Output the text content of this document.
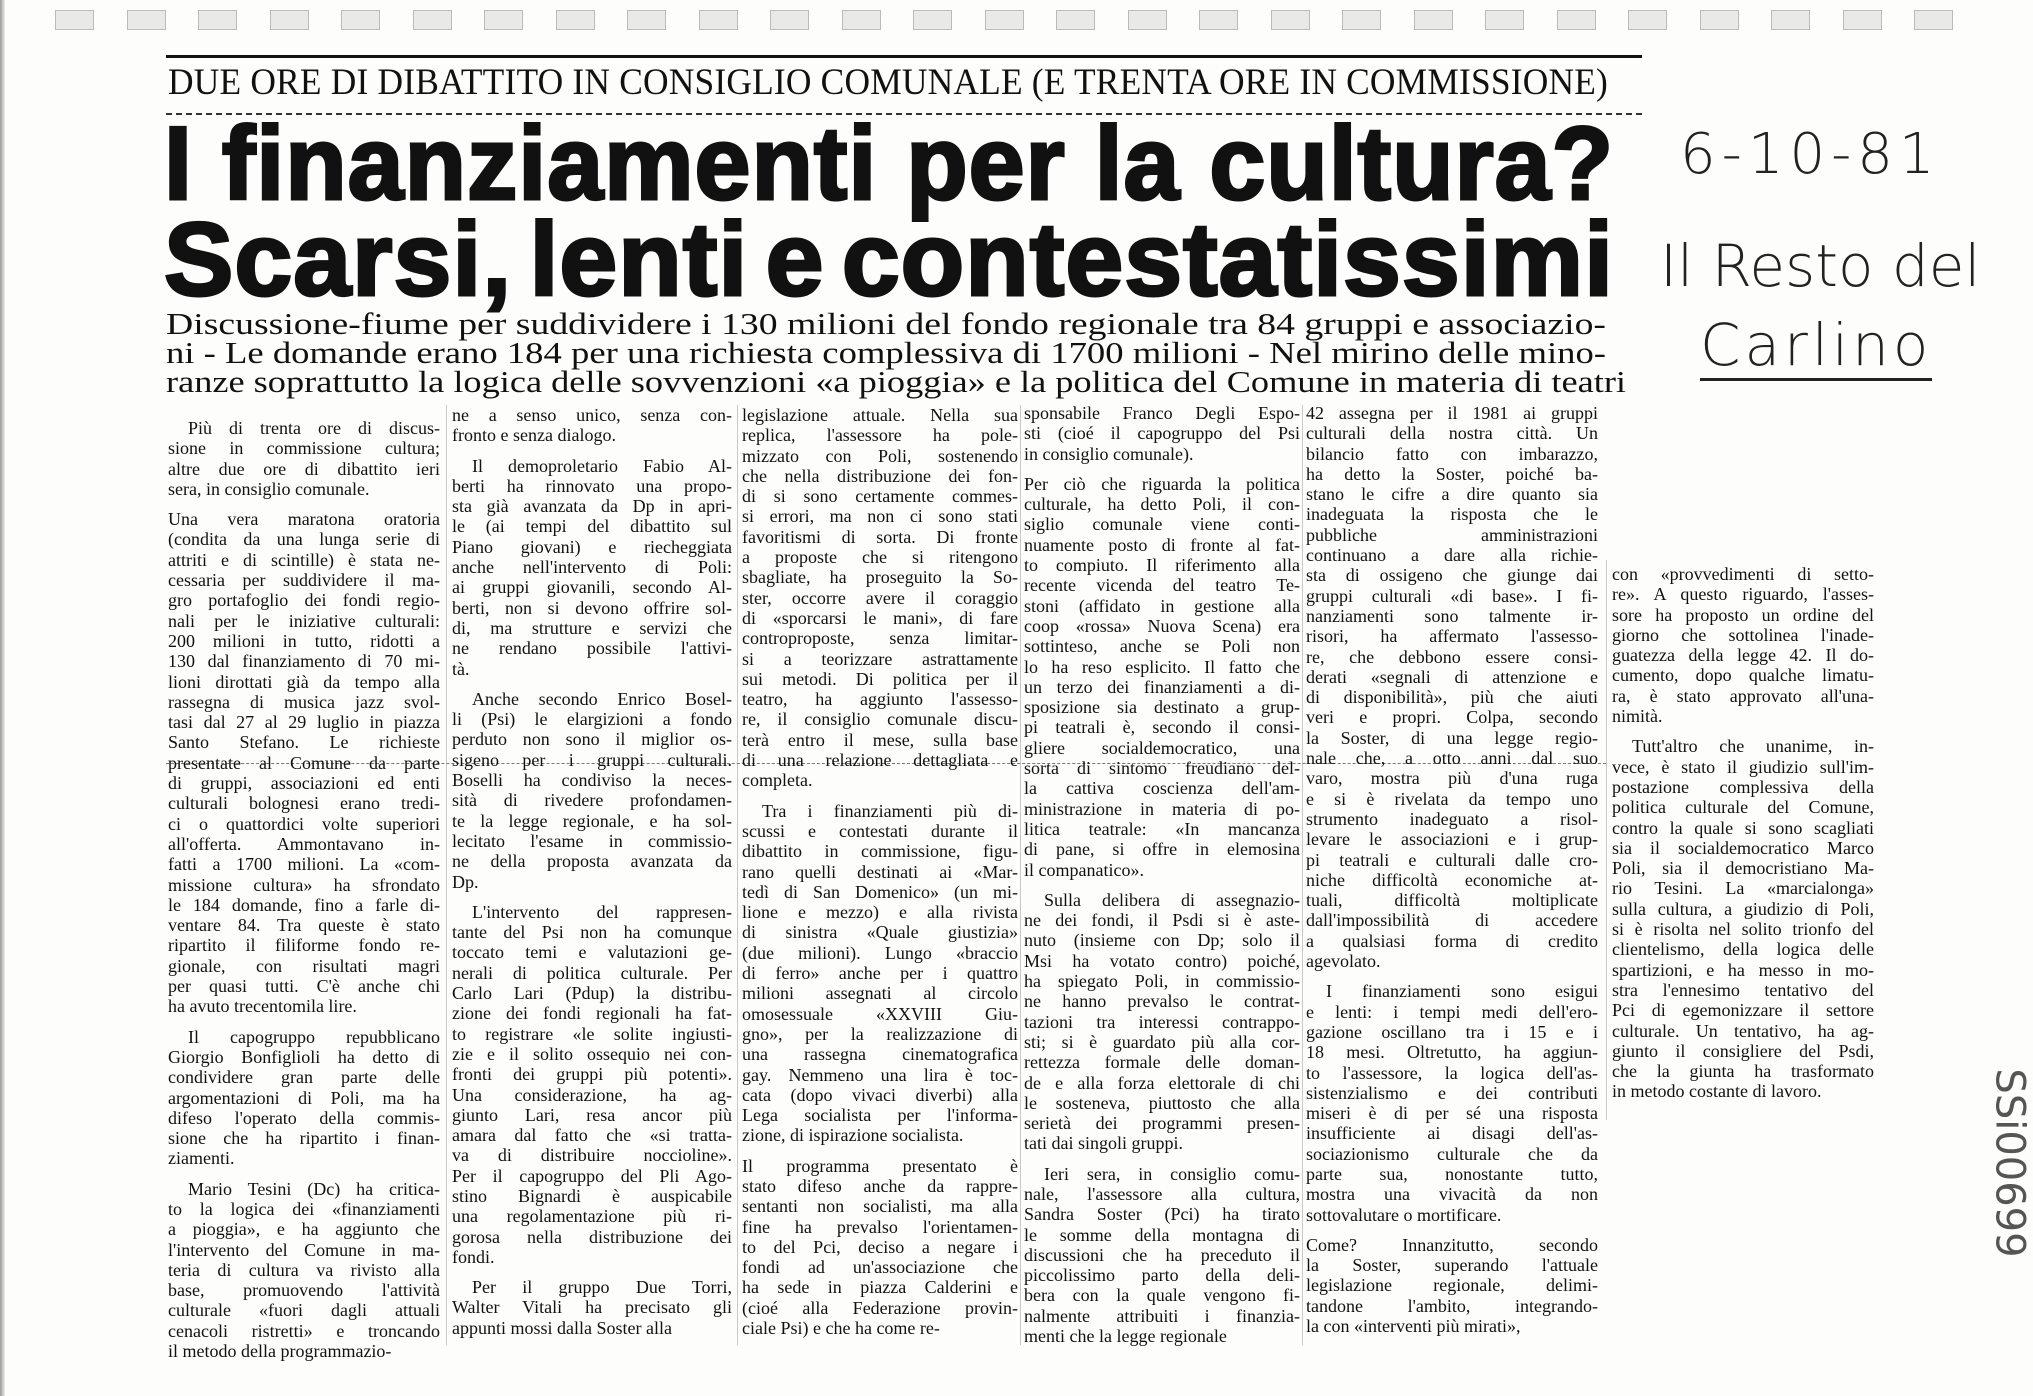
DUE ORE DI DIBATTITO IN CONSIGLIO COMUNALE (E TRENTA ORE IN COMMISSIONE)
I finanziamenti per la cultura?
Scarsi, lenti e contestatissimi
Discussione-fiume per suddividere i 130 milioni del fondo regionale tra 84 gruppi e associazio-
ni - Le domande erano 184 per una richiesta complessiva di 1700 milioni - Nel mirino delle mino-
ranze soprattutto la logica delle sovvenzioni «a pioggia» e la politica del Comune in materia di teatri
6-10-81
Il Resto del
Carlino
SSi00699
Più di trenta ore di discus-
sione in commissione cultura;
altre due ore di dibattito ieri
sera, in consiglio comunale.
Una vera maratona oratoria
(condita da una lunga serie di
attriti e di scintille) è stata ne-
cessaria per suddividere il ma-
gro portafoglio dei fondi regio-
nali per le iniziative culturali:
200 milioni in tutto, ridotti a
130 dal finanziamento di 70 mi-
lioni dirottati già da tempo alla
rassegna di musica jazz svol-
tasi dal 27 al 29 luglio in piazza
Santo Stefano. Le richieste
presentate al Comune da parte
di gruppi, associazioni ed enti
culturali bolognesi erano tredi-
ci o quattordici volte superiori
all'offerta. Ammontavano in-
fatti a 1700 milioni. La «com-
missione cultura» ha sfrondato
le 184 domande, fino a farle di-
ventare 84. Tra queste è stato
ripartito il filiforme fondo re-
gionale, con risultati magri
per quasi tutti. C'è anche chi
ha avuto trecentomila lire.
Il capogruppo repubblicano
Giorgio Bonfiglioli ha detto di
condividere gran parte delle
argomentazioni di Poli, ma ha
difeso l'operato della commis-
sione che ha ripartito i finan-
ziamenti.
Mario Tesini (Dc) ha critica-
to la logica dei «finanziamenti
a pioggia», e ha aggiunto che
l'intervento del Comune in ma-
teria di cultura va rivisto alla
base, promuovendo l'attività
culturale «fuori dagli attuali
cenacoli ristretti» e troncando
il metodo della programmazio-
ne a senso unico, senza con-
fronto e senza dialogo.
Il demoproletario Fabio Al-
berti ha rinnovato una propo-
sta già avanzata da Dp in apri-
le (ai tempi del dibattito sul
Piano giovani) e riecheggiata
anche nell'intervento di Poli:
ai gruppi giovanili, secondo Al-
berti, non si devono offrire sol-
di, ma strutture e servizi che
ne rendano possibile l'attivi-
tà.
Anche secondo Enrico Bosel-
li (Psi) le elargizioni a fondo
perduto non sono il miglior os-
sigeno per i gruppi culturali.
Boselli ha condiviso la neces-
sità di rivedere profondamen-
te la legge regionale, e ha sol-
lecitato l'esame in commissio-
ne della proposta avanzata da
Dp.
L'intervento del rappresen-
tante del Psi non ha comunque
toccato temi e valutazioni ge-
nerali di politica culturale. Per
Carlo Lari (Pdup) la distribu-
zione dei fondi regionali ha fat-
to registrare «le solite ingiusti-
zie e il solito ossequio nei con-
fronti dei gruppi più potenti».
Una considerazione, ha ag-
giunto Lari, resa ancor più
amara dal fatto che «si tratta-
va di distribuire noccioline».
Per il capogruppo del Pli Ago-
stino Bignardi è auspicabile
una regolamentazione più ri-
gorosa nella distribuzione dei
fondi.
Per il gruppo Due Torri,
Walter Vitali ha precisato gli
appunti mossi dalla Soster alla
legislazione attuale. Nella sua
replica, l'assessore ha pole-
mizzato con Poli, sostenendo
che nella distribuzione dei fon-
di si sono certamente commes-
si errori, ma non ci sono stati
favoritismi di sorta. Di fronte
a proposte che si ritengono
sbagliate, ha proseguito la So-
ster, occorre avere il coraggio
di «sporcarsi le mani», di fare
controproposte, senza limitar-
si a teorizzare astrattamente
sui metodi. Di politica per il
teatro, ha aggiunto l'assesso-
re, il consiglio comunale discu-
terà entro il mese, sulla base
di una relazione dettagliata e
completa.
Tra i finanziamenti più di-
scussi e contestati durante il
dibattito in commissione, figu-
rano quelli destinati ai «Mar-
tedì di San Domenico» (un mi-
lione e mezzo) e alla rivista
di sinistra «Quale giustizia»
(due milioni). Lungo «braccio
di ferro» anche per i quattro
milioni assegnati al circolo
omosessuale «XXVIII Giu-
gno», per la realizzazione di
una rassegna cinematografica
gay. Nemmeno una lira è toc-
cata (dopo vivaci diverbi) alla
Lega socialista per l'informa-
zione, di ispirazione socialista.
Il programma presentato è
stato difeso anche da rappre-
sentanti non socialisti, ma alla
fine ha prevalso l'orientamen-
to del Pci, deciso a negare i
fondi ad un'associazione che
ha sede in piazza Calderini e
(cioé alla Federazione provin-
ciale Psi) e che ha come re-
sponsabile Franco Degli Espo-
sti (cioé il capogruppo del Psi
in consiglio comunale).
Per ciò che riguarda la politica
culturale, ha detto Poli, il con-
siglio comunale viene conti-
nuamente posto di fronte al fat-
to compiuto. Il riferimento alla
recente vicenda del teatro Te-
stoni (affidato in gestione alla
coop «rossa» Nuova Scena) era
sottinteso, anche se Poli non
lo ha reso esplicito. Il fatto che
un terzo dei finanziamenti a di-
sposizione sia destinato a grup-
pi teatrali è, secondo il consi-
gliere socialdemocratico, una
sorta di sintomo freudiano del-
la cattiva coscienza dell'am-
ministrazione in materia di po-
litica teatrale: «In mancanza
di pane, si offre in elemosina
il companatico».
Sulla delibera di assegnazio-
ne dei fondi, il Psdi si è aste-
nuto (insieme con Dp; solo il
Msi ha votato contro) poiché,
ha spiegato Poli, in commissio-
ne hanno prevalso le contrat-
tazioni tra interessi contrappo-
sti; si è guardato più alla cor-
rettezza formale delle doman-
de e alla forza elettorale di chi
le sosteneva, piuttosto che alla
serietà dei programmi presen-
tati dai singoli gruppi.
Ieri sera, in consiglio comu-
nale, l'assessore alla cultura,
Sandra Soster (Pci) ha tirato
le somme della montagna di
discussioni che ha preceduto il
piccolissimo parto della deli-
bera con la quale vengono fi-
nalmente attribuiti i finanzia-
menti che la legge regionale
42 assegna per il 1981 ai gruppi
culturali della nostra città. Un
bilancio fatto con imbarazzo,
ha detto la Soster, poiché ba-
stano le cifre a dire quanto sia
inadeguata la risposta che le
pubbliche amministrazioni
continuano a dare alla richie-
sta di ossigeno che giunge dai
gruppi culturali «di base». I fi-
nanziamenti sono talmente ir-
risori, ha affermato l'assesso-
re, che debbono essere consi-
derati «segnali di attenzione e
di disponibilità», più che aiuti
veri e propri. Colpa, secondo
la Soster, di una legge regio-
nale che, a otto anni dal suo
varo, mostra più d'una ruga
e si è rivelata da tempo uno
strumento inadeguato a risol-
levare le associazioni e i grup-
pi teatrali e culturali dalle cro-
niche difficoltà economiche at-
tuali, difficoltà moltiplicate
dall'impossibilità di accedere
a qualsiasi forma di credito
agevolato.
I finanziamenti sono esigui
e lenti: i tempi medi dell'ero-
gazione oscillano tra i 15 e i
18 mesi. Oltretutto, ha aggiun-
to l'assessore, la logica dell'as-
sistenzialismo e dei contributi
miseri è di per sé una risposta
insufficiente ai disagi dell'as-
sociazionismo culturale che da
parte sua, nonostante tutto,
mostra una vivacità da non
sottovalutare o mortificare.
Come? Innanzitutto, secondo
la Soster, superando l'attuale
legislazione regionale, delimi-
tandone l'ambito, integrando-
la con «interventi più mirati»,
con «provvedimenti di setto-
re». A questo riguardo, l'asses-
sore ha proposto un ordine del
giorno che sottolinea l'inade-
guatezza della legge 42. Il do-
cumento, dopo qualche limatu-
ra, è stato approvato all'una-
nimità.
Tutt'altro che unanime, in-
vece, è stato il giudizio sull'im-
postazione complessiva della
politica culturale del Comune,
contro la quale si sono scagliati
sia il socialdemocratico Marco
Poli, sia il democristiano Ma-
rio Tesini. La «marcialonga»
sulla cultura, a giudizio di Poli,
si è risolta nel solito trionfo del
clientelismo, della logica delle
spartizioni, e ha messo in mo-
stra l'ennesimo tentativo del
Pci di egemonizzare il settore
culturale. Un tentativo, ha ag-
giunto il consigliere del Psdi,
che la giunta ha trasformato
in metodo costante di lavoro.
